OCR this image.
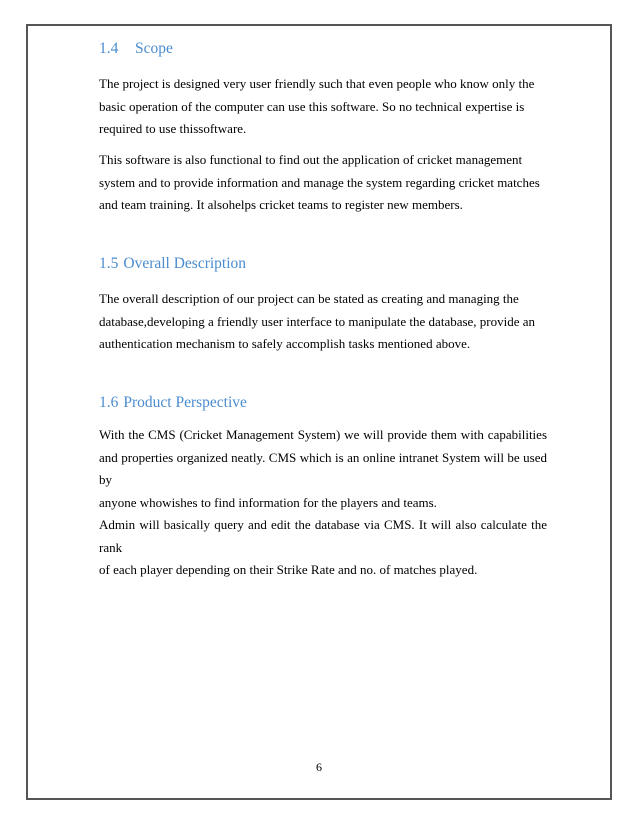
1.4 Scope

The project is designed very user friendly such that even people who know only the
basic operation of the computer can use this software. So no technical expertise is
required to use thissoftware.

This software is also functional to find out the application of cricket management
system and to provide information and manage the system regarding cricket matches
and team training. It alsohelps cricket teams to register new members.

1.5 Overall Description

The overall description of our project can be stated as creating and managing the
database,developing a friendly user interface to manipulate the database, provide an
authentication mechanism to safely accomplish tasks mentioned above.

1.6 Product Perspective

With the CMS (Cricket Management System) we will provide them with capabilities
and properties organized neatly. CMS which is an online intranet System will be used by
anyone whowishes to find information for the players and teams.
Admin will basically query and edit the database via CMS. It will also calculate the rank
of each player depending on their Strike Rate and no. of matches played.

6
